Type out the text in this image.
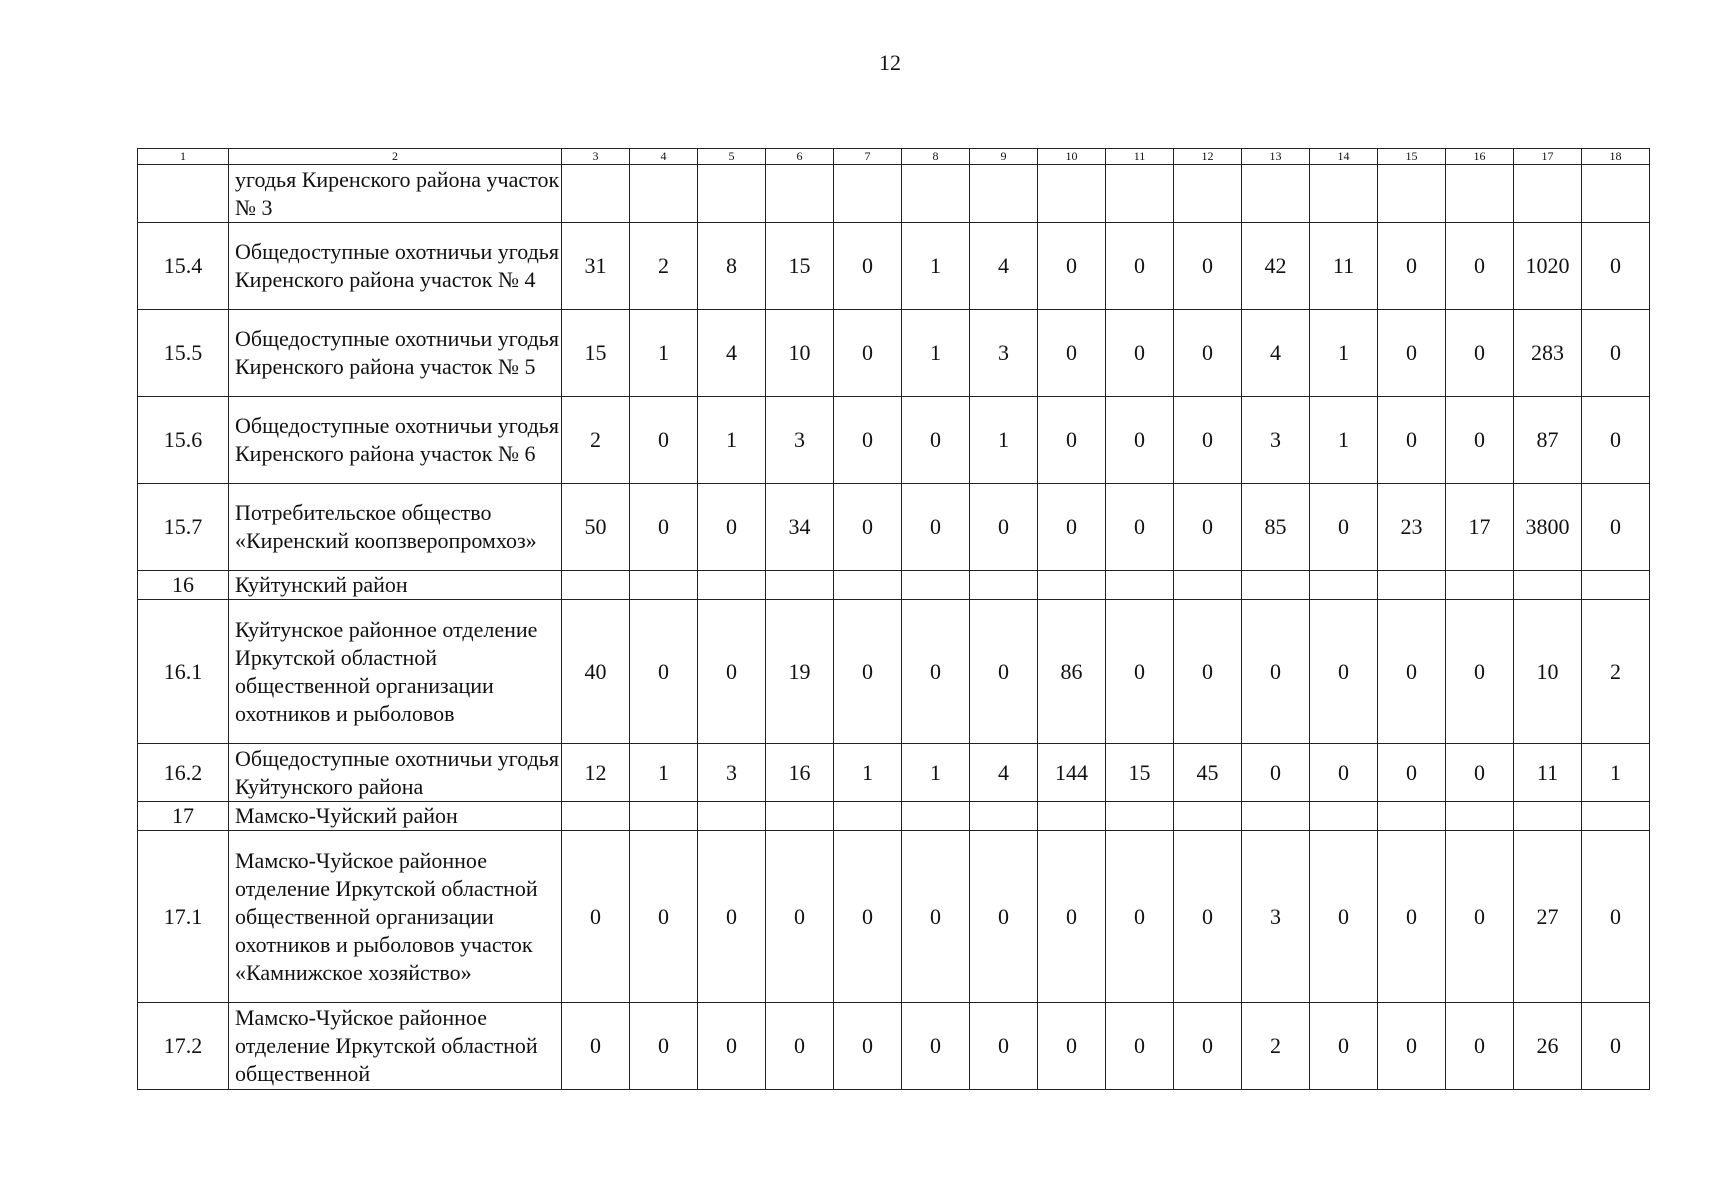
12
1	2	3	4	5	6	7	8	9	10	11	12	13	14	15	16	17	18
	угодья Киренского района участок № 3																
15.4	Общедоступные охотничьи угодья Киренского района участок № 4	31	2	8	15	0	1	4	0	0	0	42	11	0	0	1020	0
15.5	Общедоступные охотничьи угодья Киренского района участок № 5	15	1	4	10	0	1	3	0	0	0	4	1	0	0	283	0
15.6	Общедоступные охотничьи угодья Киренского района участок № 6	2	0	1	3	0	0	1	0	0	0	3	1	0	0	87	0
15.7	Потребительское общество «Киренский коопзверопромхоз»	50	0	0	34	0	0	0	0	0	0	85	0	23	17	3800	0
16	Куйтунский район																
16.1	Куйтунское районное отделение Иркутской областной общественной организации охотников и рыболовов	40	0	0	19	0	0	0	86	0	0	0	0	0	0	10	2
16.2	Общедоступные охотничьи угодья Куйтунского района	12	1	3	16	1	1	4	144	15	45	0	0	0	0	11	1
17	Мамско-Чуйский район																
17.1	Мамско-Чуйское районное отделение Иркутской областной общественной организации охотников и рыболовов участок «Камнижское хозяйство»	0	0	0	0	0	0	0	0	0	0	3	0	0	0	27	0
17.2	Мамско-Чуйское районное отделение Иркутской областной общественной	0	0	0	0	0	0	0	0	0	0	2	0	0	0	26	0
